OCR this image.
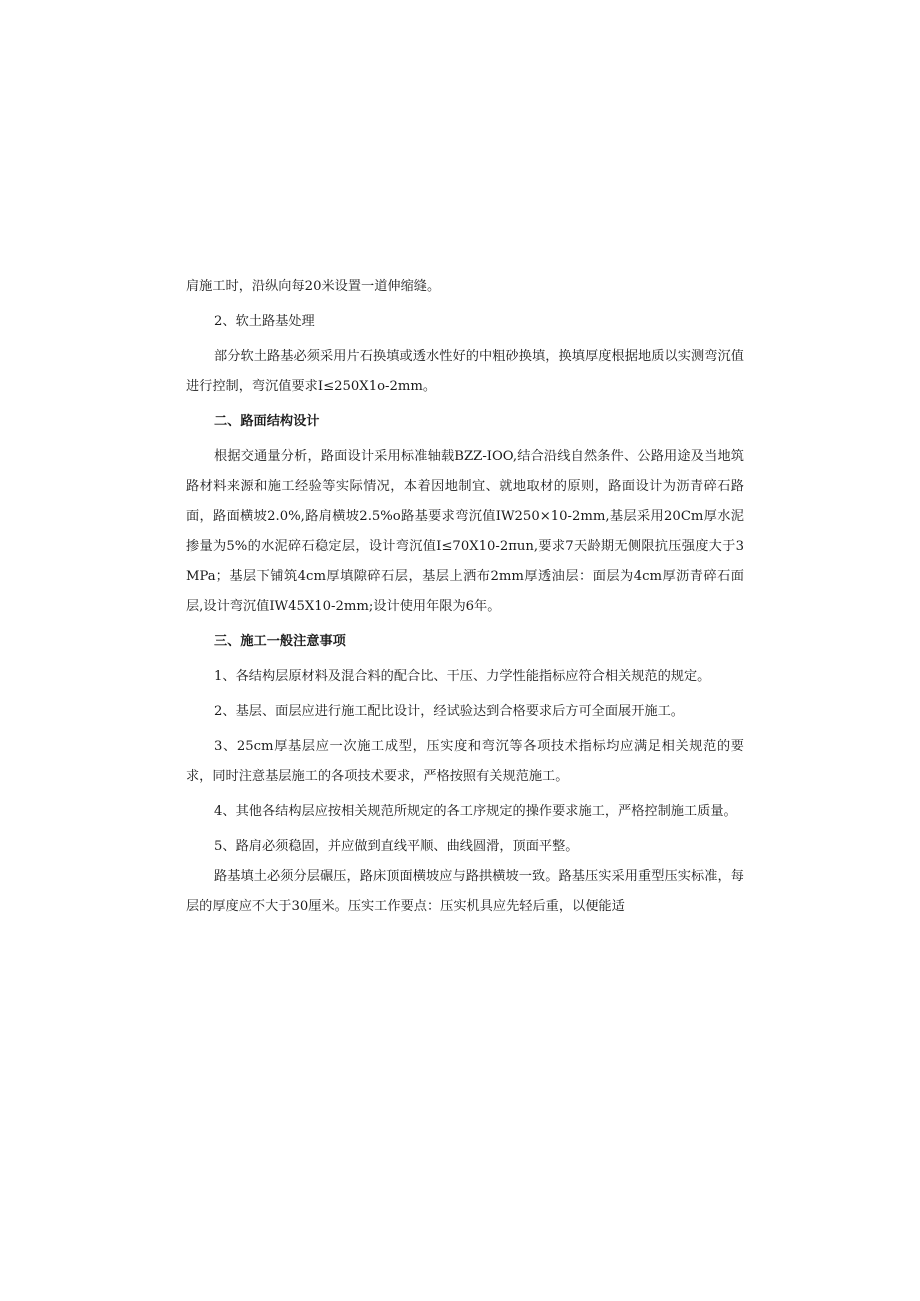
肩施工时，沿纵向每20米设置一道伸缩缝。

2、软土路基处理

部分软土路基必须采用片石换填或透水性好的中粗砂换填，换填厚度根据地质以实测弯沉值进行控制，弯沉值要求I≤250X1o-2mm。

二、路面结构设计

根据交通量分析，路面设计采用标准轴载BZZ-IOO,结合沿线自然条件、公路用途及当地筑路材料来源和施工经验等实际情况，本着因地制宜、就地取材的原则，路面设计为沥青碎石路面，路面横坡2.0%,路肩横坡2.5%o路基要求弯沉值IW250×10-2mm,基层采用20Cm厚水泥掺量为5%的水泥碎石稳定层，设计弯沉值I≤70X10-2πun,要求7天龄期无侧限抗压强度大于3MPa；基层下铺筑4cm厚填隙碎石层，基层上洒布2mm厚透油层：面层为4cm厚沥青碎石面层,设计弯沉值IW45X10-2mm;设计使用年限为6年。

三、施工一般注意事项

1、各结构层原材料及混合料的配合比、干压、力学性能指标应符合相关规范的规定。

2、基层、面层应进行施工配比设计，经试验达到合格要求后方可全面展开施工。

3、25cm厚基层应一次施工成型，压实度和弯沉等各项技术指标均应满足相关规范的要求，同时注意基层施工的各项技术要求，严格按照有关规范施工。

4、其他各结构层应按相关规范所规定的各工序规定的操作要求施工，严格控制施工质量。

5、路肩必须稳固，并应做到直线平顺、曲线圆滑，顶面平整。

路基填土必须分层碾压，路床顶面横坡应与路拱横坡一致。路基压实采用重型压实标准，每层的厚度应不大于30厘米。压实工作要点：压实机具应先轻后重，以便能适
